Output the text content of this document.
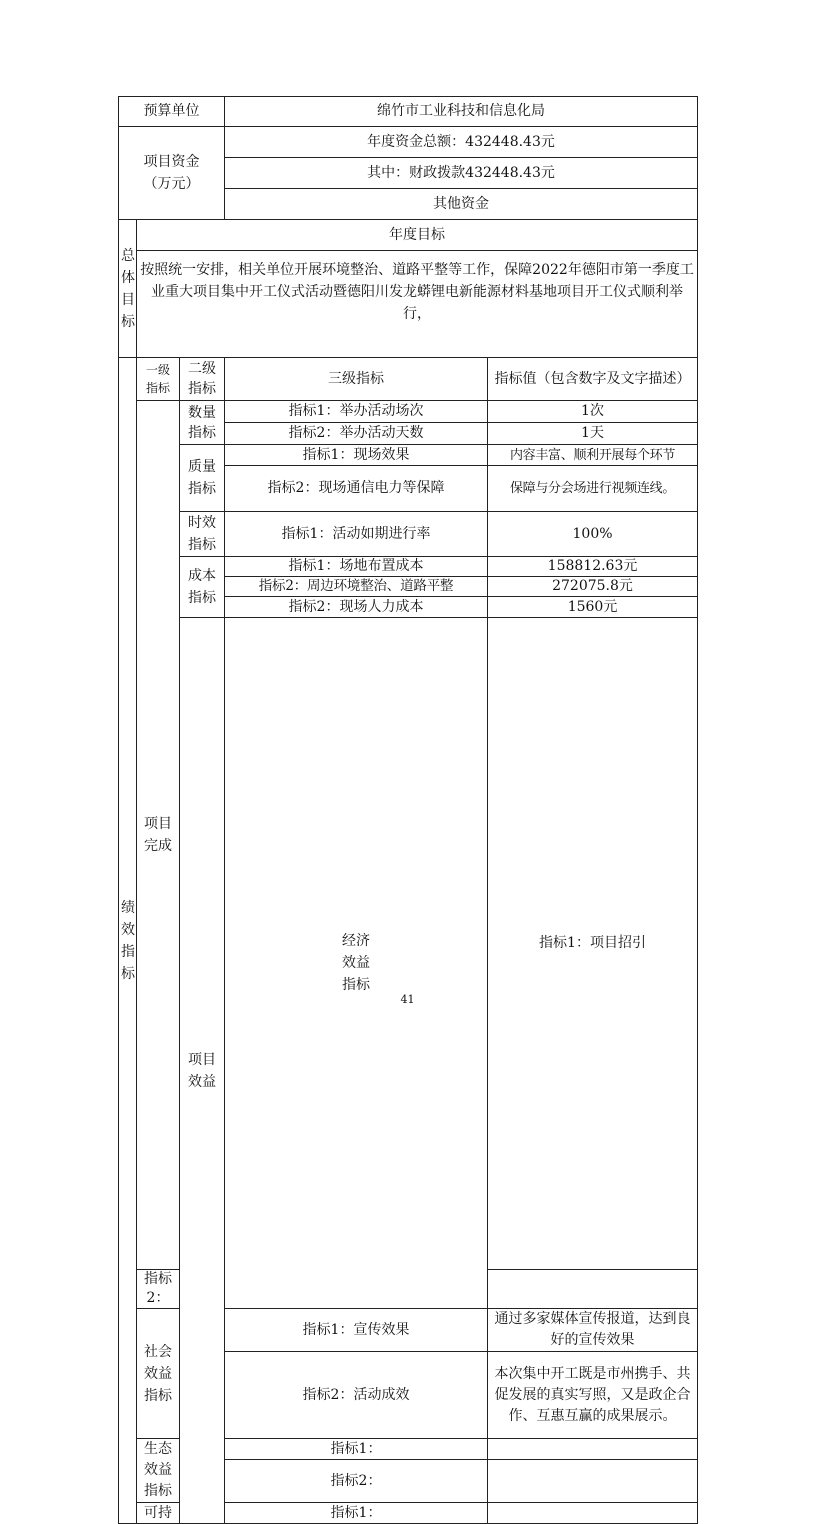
预算单位			绵竹市工业科技和信息化局		
项目资金（万元）			年度资金总额：432448.43元		
			其中：财政拨款432448.43元		
			其他资金		
总体目标	年度目标				
	按照统一安排，相关单位开展环境整治、道路平整等工作，保障2022年德阳市第一季度工业重大项目集中开工仪式活动暨德阳川发龙蟒锂电新能源材料基地项目开工仪式顺利举行，				
绩效指标	一级指标	二级指标	三级指标	指标值（包含数字及文字描述）	
	项目完成	数量指标	指标1：举办活动场次	1次	
			指标2：举办活动天数	1天	
		质量指标	指标1：现场效果	内容丰富、顺利开展每个环节	
			指标2：现场通信电力等保障	保障与分会场进行视频连线。	
		时效指标	指标1：活动如期进行率	100%	
		成本指标	指标1：场地布置成本	158812.63元	
			指标2：周边环境整治、道路平整	272075.8元	
			指标2：现场人力成本	1560元	
		项目效益	经济效益指标	指标1：项目招引	
	指标2：				
	社会效益指标		指标1：宣传效果	通过多家媒体宣传报道，达到良好的宣传效果	
			指标2：活动成效	本次集中开工既是市州携手、共促发展的真实写照，又是政企合作、互惠互赢的成果展示。	
	生态效益指标		指标1：		
			指标2：		
	可持		指标1：		
41
